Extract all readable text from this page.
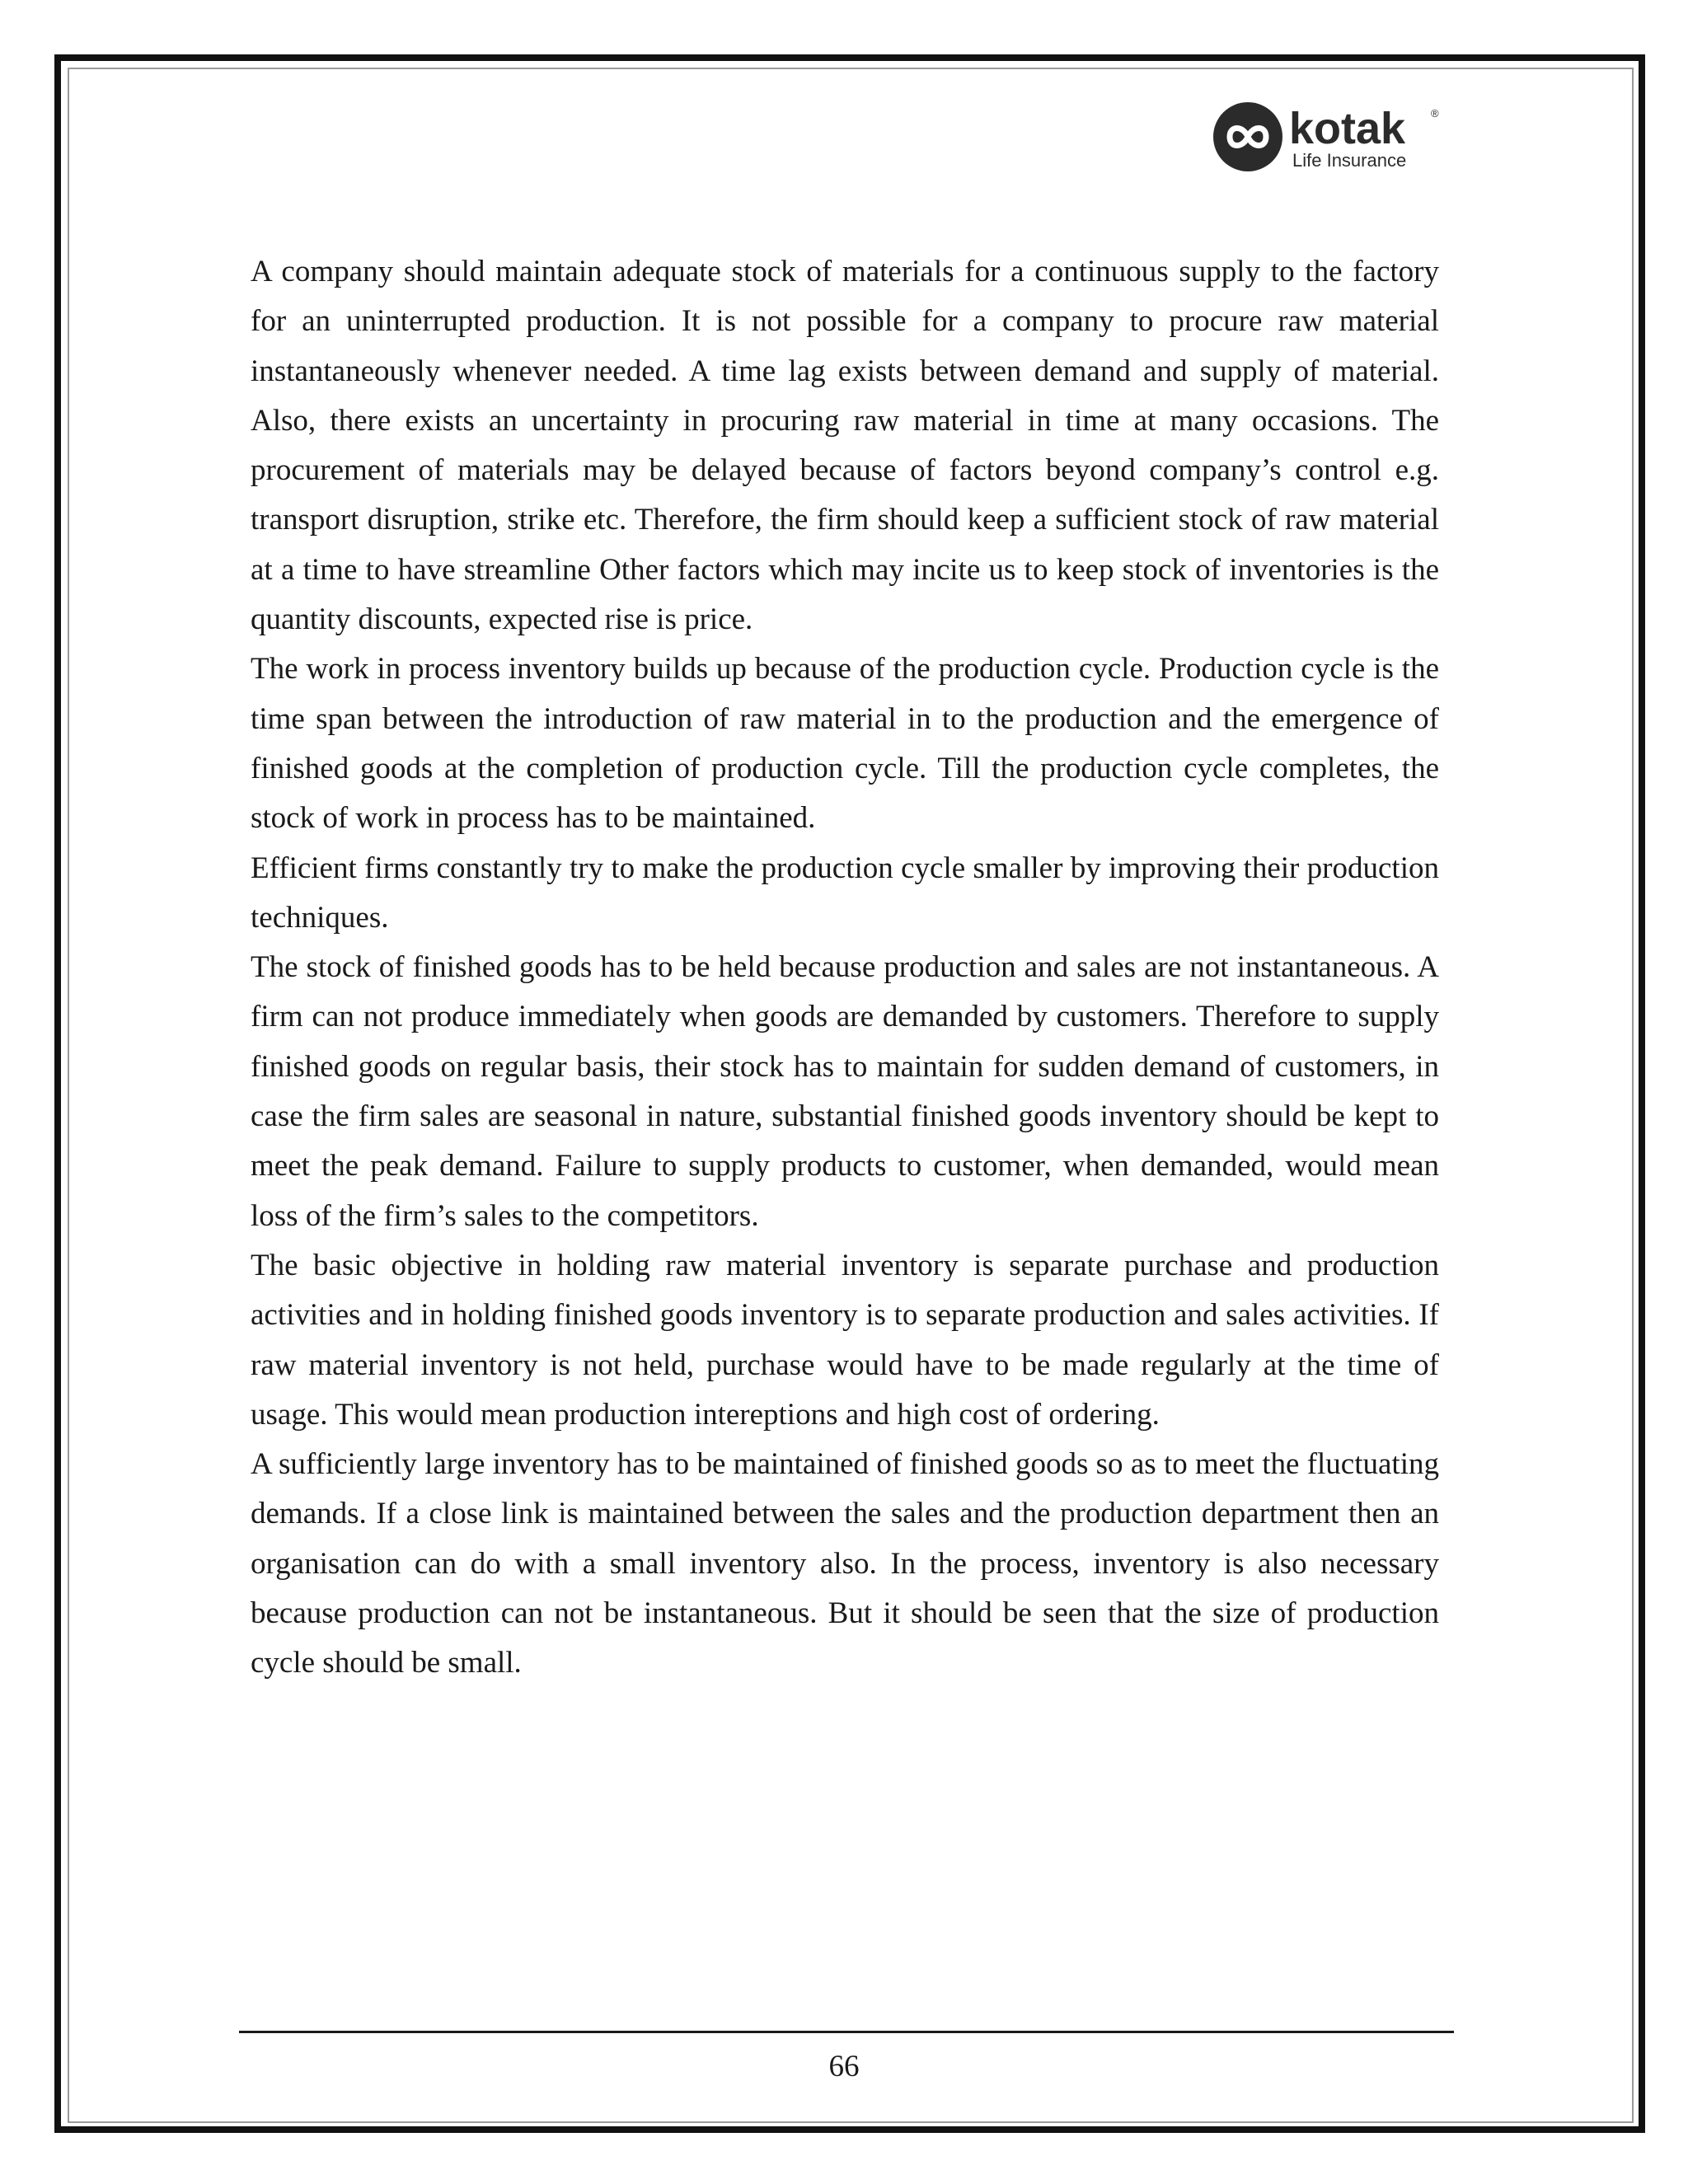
kotak ®
Life Insurance

A company should maintain adequate stock of materials for a continuous supply to the factory for an uninterrupted production. It is not possible for a company to procure raw material instantaneously whenever needed. A time lag exists between demand and supply of material. Also, there exists an uncertainty in procuring raw material in time at many occasions. The procurement of materials may be delayed because of factors beyond company’s control e.g. transport disruption, strike etc. Therefore, the firm should keep a sufficient stock of raw material at a time to have streamline Other factors which may incite us to keep stock of inventories is the quantity discounts, expected rise is price.

The work in process inventory builds up because of the production cycle. Production cycle is the time span between the introduction of raw material in to the production and the emergence of finished goods at the completion of production cycle. Till the production cycle completes, the stock of work in process has to be maintained.

Efficient firms constantly try to make the production cycle smaller by improving their production techniques.

The stock of finished goods has to be held because production and sales are not instantaneous. A firm can not produce immediately when goods are demanded by customers. Therefore to supply finished goods on regular basis, their stock has to maintain for sudden demand of customers, in case the firm sales are seasonal in nature, substantial finished goods inventory should be kept to meet the peak demand. Failure to supply products to customer, when demanded, would mean loss of the firm’s sales to the competitors.

The basic objective in holding raw material inventory is separate purchase and production activities and in holding finished goods inventory is to separate production and sales activities. If raw material inventory is not held, purchase would have to be made regularly at the time of usage. This would mean production intereptions and high cost of ordering.

A sufficiently large inventory has to be maintained of finished goods so as to meet the fluctuating demands. If a close link is maintained between the sales and the production department then an organisation can do with a small inventory also. In the process, inventory is also necessary because production can not be instantaneous. But it should be seen that the size of production cycle should be small.

66
